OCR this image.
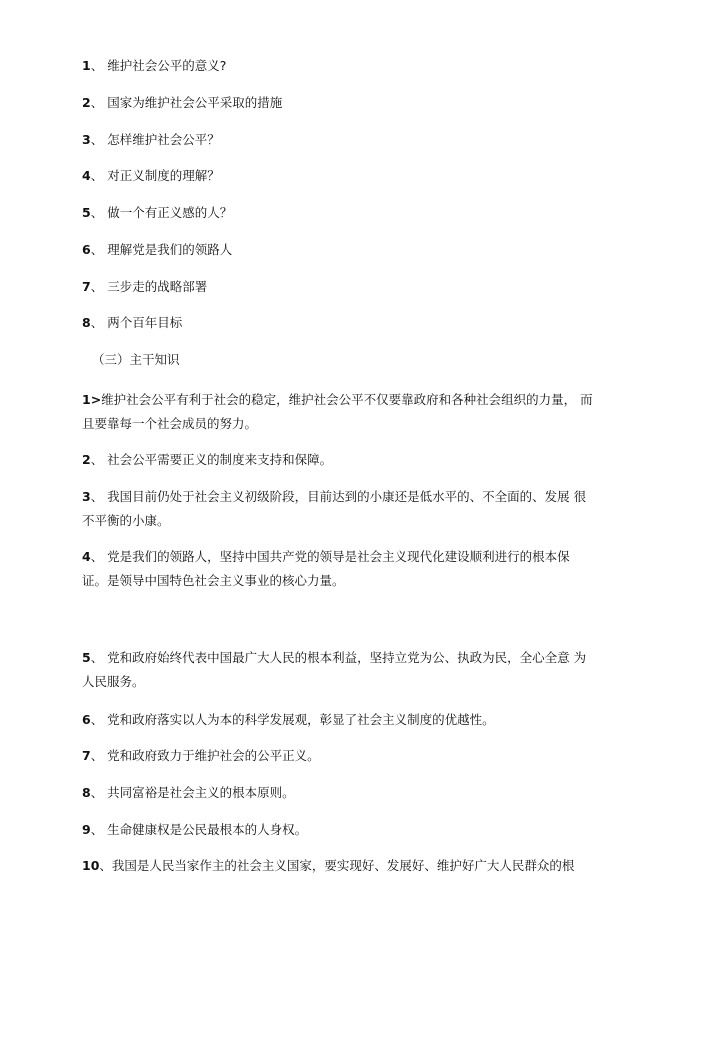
1、 维护社会公平的意义?
2、 国家为维护社会公平采取的措施
3、 怎样维护社会公平？
4、 对正义制度的理解？
5、 做一个有正义感的人？
6、 理解党是我们的领路人
7、 三步走的战略部署
8、 两个百年目标
（三）主干知识
1>维护社会公平有利于社会的稳定，维护社会公平不仅要靠政府和各种社会组织的力量， 而
且要靠每一个社会成员的努力。
2、 社会公平需要正义的制度来支持和保障。
3、 我国目前仍处于社会主义初级阶段，目前达到的小康还是低水平的、不全面的、发展 很
不平衡的小康。
4、 党是我们的领路人，坚持中国共产党的领导是社会主义现代化建设顺利进行的根本保
证。是领导中国特色社会主义事业的核心力量。
5、 党和政府始终代表中国最广大人民的根本利益，坚持立党为公、执政为民，全心全意 为
人民服务。
6、 党和政府落实以人为本的科学发展观，彰显了社会主义制度的优越性。
7、 党和政府致力于维护社会的公平正义。
8、 共同富裕是社会主义的根本原则。
9、 生命健康权是公民最根本的人身权。
10、我国是人民当家作主的社会主义国家，要实现好、发展好、维护好广大人民群众的根
